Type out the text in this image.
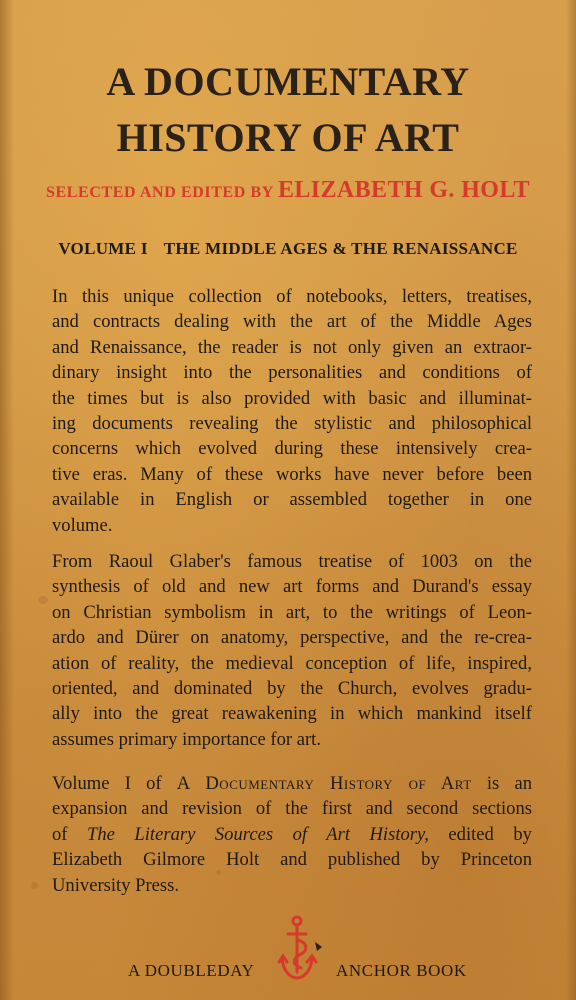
A DOCUMENTARY
HISTORY OF ART
SELECTED AND EDITED BY ELIZABETH G. HOLT
VOLUME I THE MIDDLE AGES & THE RENAISSANCE
In this unique collection of notebooks, letters, treatises,
and contracts dealing with the art of the Middle Ages
and Renaissance, the reader is not only given an extraor-
dinary insight into the personalities and conditions of
the times but is also provided with basic and illuminat-
ing documents revealing the stylistic and philosophical
concerns which evolved during these intensively crea-
tive eras. Many of these works have never before been
available in English or assembled together in one
volume.
From Raoul Glaber's famous treatise of 1003 on the
synthesis of old and new art forms and Durand's essay
on Christian symbolism in art, to the writings of Leon-
ardo and Dürer on anatomy, perspective, and the re-crea-
ation of reality, the medieval conception of life, inspired,
oriented, and dominated by the Church, evolves gradu-
ally into the great reawakening in which mankind itself
assumes primary importance for art.
Volume I of A Documentary History of Art is an
expansion and revision of the first and second sections
of The Literary Sources of Art History, edited by
Elizabeth Gilmore Holt and published by Princeton
University Press.
A DOUBLEDAY	ANCHOR BOOK
